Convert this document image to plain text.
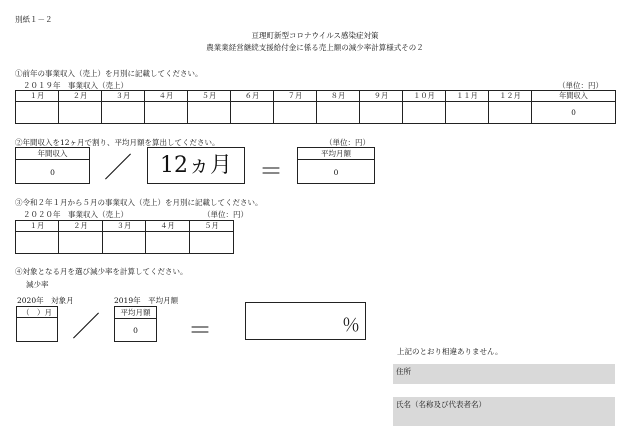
別紙１－２
亘理町新型コロナウイルス感染症対策
農業業経営継続支援給付金に係る売上額の減少率計算様式その２
①前年の事業収入（売上）を月別に記載してください。
２０１９年　事業収入（売上）	（単位：円）
１月	２月	３月	４月	５月	６月	７月	８月	９月	１０月	１１月	１２月	年間収入
												0
②年間収入を12ヶ月で割り、平均月額を算出してください。	（単位：円）
年間収入
0	／	12ヵ月	＝
平均月額
0
③令和２年１月から５月の事業収入（売上）を月別に記載してください。
２０２０年　事業収入（売上）	（単位：円）
１月	２月	３月	４月	５月

④対象となる月を選び減少率を計算してください。
減少率
2020年　対象月	2019年　平均月額
（　）月 ／	平均月額
0	＝	％
上記のとおり相違ありません。
住所
氏名（名称及び代表者名）
